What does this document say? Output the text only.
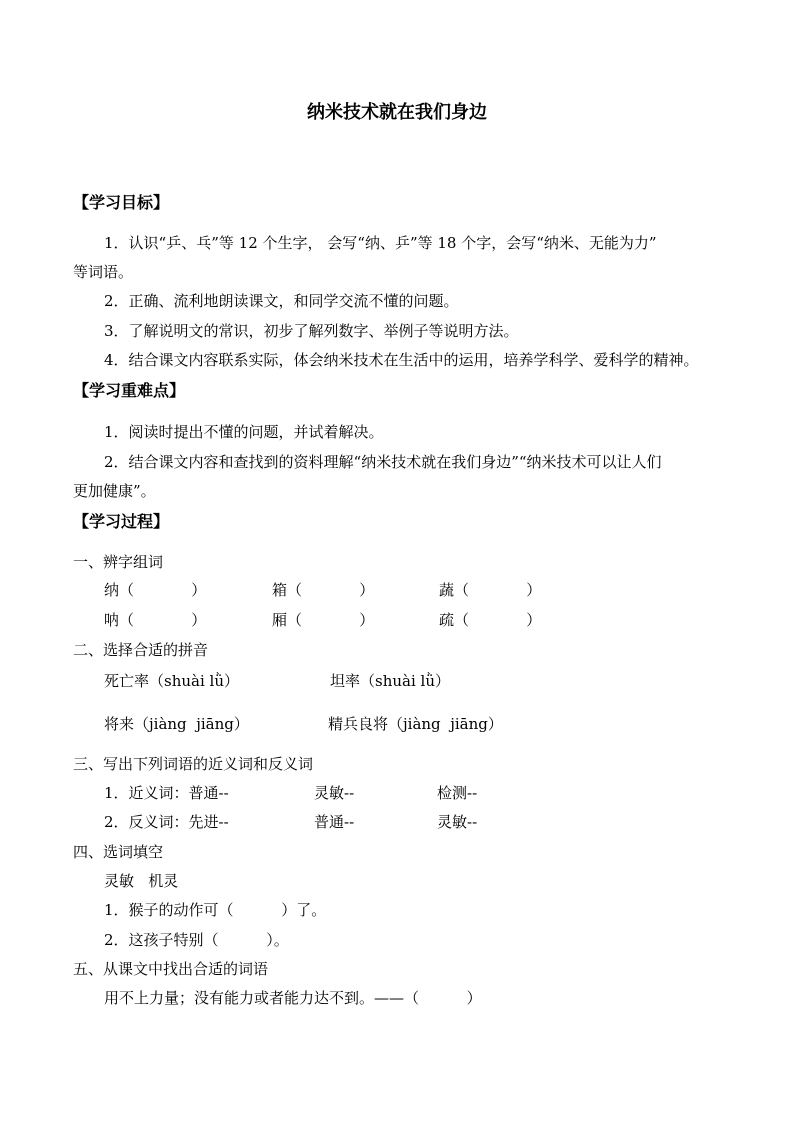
纳米技术就在我们身边
【学习目标】
1．认识“乒、乓”等 12 个生字， 会写“纳、乒”等 18 个字，会写“纳米、无能为力”
等词语。
2．正确、流利地朗读课文，和同学交流不懂的问题。
3．了解说明文的常识，初步了解列数字、举例子等说明方法。
4．结合课文内容联系实际，体会纳米技术在生活中的运用，培养学科学、爱科学的精神。
【学习重难点】
1．阅读时提出不懂的问题，并试着解决。
2．结合课文内容和查找到的资料理解“纳米技术就在我们身边”“纳米技术可以让人们
更加健康”。
【学习过程】
一、辨字组词
纳（            ）	箱（            ）	蔬（            ）
呐（            ）	厢（            ）	疏（            ）
二、选择合适的拼音
死亡率（shuài lǜ）	坦率（shuài lǜ）
将来（jiàng  jiāng）	精兵良将（jiàng  jiāng）
三、写出下列词语的近义词和反义词
1．近义词：普通--	灵敏--	检测--
2．反义词：先进--	普通--	灵敏--
四、选词填空
灵敏   机灵
1．猴子的动作可（          ）了。
2．这孩子特别（          ）。
五、从课文中找出合适的词语
用不上力量；没有能力或者能力达不到。——（          ）
